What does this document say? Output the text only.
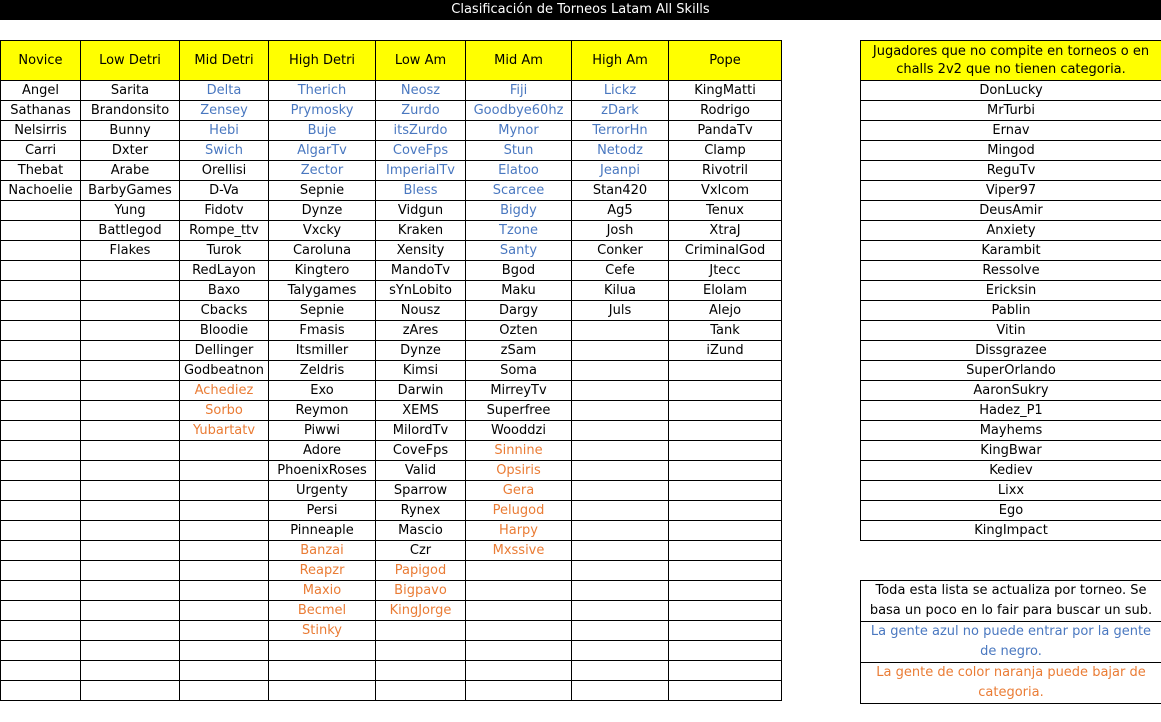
Clasificación de Torneos Latam All Skills
Novice	Low Detri	Mid Detri	High Detri	Low Am	Mid Am	High Am	Pope
Angel	Sarita	Delta	Therich	Neosz	Fiji	Lickz	KingMatti
Sathanas	Brandonsito	Zensey	Prymosky	Zurdo	Goodbye60hz	zDark	Rodrigo
Nelsirris	Bunny	Hebi	Buje	itsZurdo	Mynor	TerrorHn	PandaTv
Carri	Dxter	Swich	AlgarTv	CoveFps	Stun	Netodz	Clamp
Thebat	Arabe	Orellisi	Zector	ImperialTv	Elatoo	Jeanpi	Rivotril
Nachoelie	BarbyGames	D-Va	Sepnie	Bless	Scarcee	Stan420	Vxlcom
	Yung	Fidotv	Dynze	Vidgun	Bigdy	Ag5	Tenux
	Battlegod	Rompe_ttv	Vxcky	Kraken	Tzone	Josh	XtraJ
	Flakes	Turok	Caroluna	Xensity	Santy	Conker	CriminalGod
		RedLayon	Kingtero	MandoTv	Bgod	Cefe	Jtecc
		Baxo	Talygames	sYnLobito	Maku	Kilua	Elolam
		Cbacks	Sepnie	Nousz	Dargy	Juls	Alejo
		Bloodie	Fmasis	zAres	Ozten		Tank
		Dellinger	Itsmiller	Dynze	zSam		iZund
		Godbeatnon	Zeldris	Kimsi	Soma		
		Achediez	Exo	Darwin	MirreyTv		
		Sorbo	Reymon	XEMS	Superfree		
		Yubartatv	Piwwi	MilordTv	Wooddzi		
			Adore	CoveFps	Sinnine		
			PhoenixRoses	Valid	Opsiris		
			Urgenty	Sparrow	Gera		
			Persi	Rynex	Pelugod		
			Pinneaple	Mascio	Harpy		
			Banzai	Czr	Mxssive		
			Reapzr	Papigod			
			Maxio	Bigpavo			
			Becmel	KingJorge			
			Stinky				

Jugadores que no compite en torneos o en challs 2v2 que no tienen categoria.
DonLucky
MrTurbi
Ernav
Mingod
ReguTv
Viper97
DeusAmir
Anxiety
Karambit
Ressolve
Ericksin
Pablin
Vitin
Dissgrazee
SuperOrlando
AaronSukry
Hadez_P1
Mayhems
KingBwar
Kediev
Lixx
Ego
KingImpact
Toda esta lista se actualiza por torneo. Se basa un poco en lo fair para buscar un sub.
La gente azul no puede entrar por la gente de negro.
La gente de color naranja puede bajar de categoria.
